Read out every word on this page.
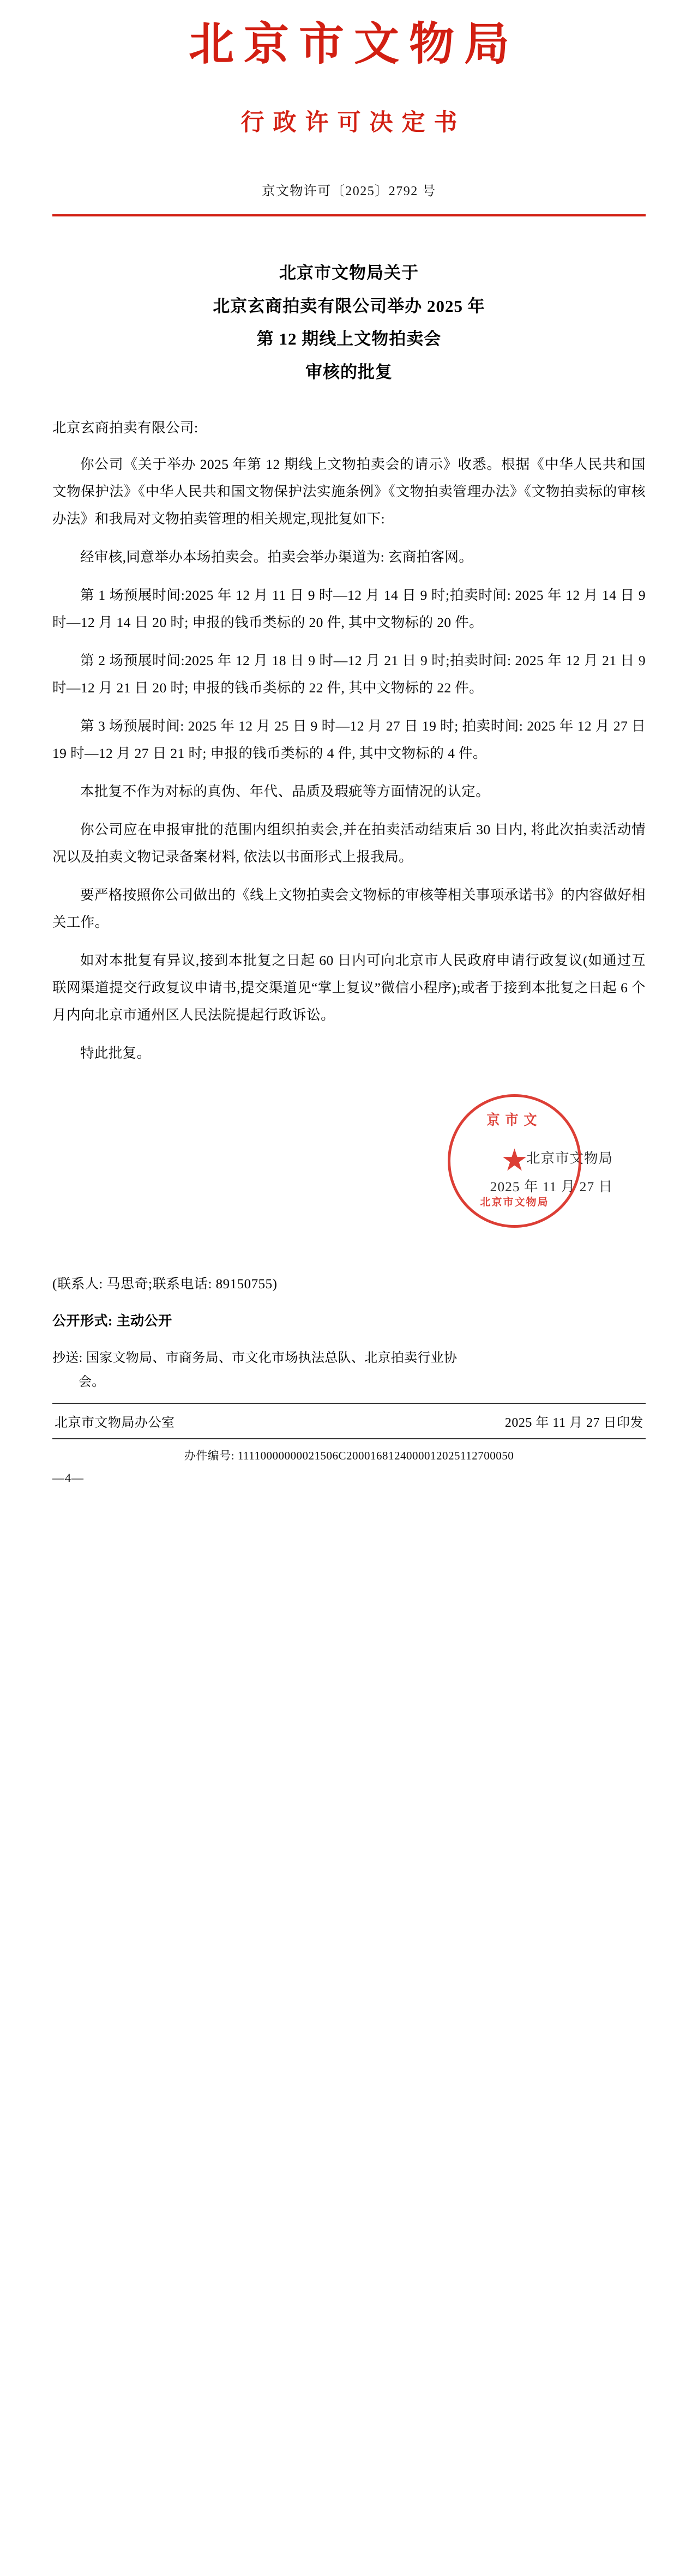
北京市文物局
行政许可决定书
京文物许可〔2025〕2792 号
北京市文物局关于
北京玄商拍卖有限公司举办 2025 年
第 12 期线上文物拍卖会
审核的批复
北京玄商拍卖有限公司:

你公司《关于举办 2025 年第 12 期线上文物拍卖会的请示》收悉。根据《中华人民共和国文物保护法》《中华人民共和国文物保护法实施条例》《文物拍卖管理办法》《文物拍卖标的审核办法》和我局对文物拍卖管理的相关规定,现批复如下:

经审核,同意举办本场拍卖会。拍卖会举办渠道为: 玄商拍客网。

第 1 场预展时间:2025 年 12 月 11 日 9 时—12 月 14 日 9 时;拍卖时间: 2025 年 12 月 14 日 9 时—12 月 14 日 20 时; 申报的钱币类标的 20 件, 其中文物标的 20 件。

第 2 场预展时间:2025 年 12 月 18 日 9 时—12 月 21 日 9 时;拍卖时间: 2025 年 12 月 21 日 9 时—12 月 21 日 20 时; 申报的钱币类标的 22 件, 其中文物标的 22 件。

第 3 场预展时间: 2025 年 12 月 25 日 9 时—12 月 27 日 19 时; 拍卖时间: 2025 年 12 月 27 日 19 时—12 月 27 日 21 时; 申报的钱币类标的 4 件, 其中文物标的 4 件。

本批复不作为对标的真伪、年代、品质及瑕疵等方面情况的认定。

你公司应在申报审批的范围内组织拍卖会,并在拍卖活动结束后 30 日内, 将此次拍卖活动情况以及拍卖文物记录备案材料, 依法以书面形式上报我局。

要严格按照你公司做出的《线上文物拍卖会文物标的审核等相关事项承诺书》的内容做好相关工作。

如对本批复有异议,接到本批复之日起 60 日内可向北京市人民政府申请行政复议(如通过互联网渠道提交行政复议申请书,提交渠道见“掌上复议”微信小程序);或者于接到本批复之日起 6 个月内向北京市通州区人民法院提起行政诉讼。

特此批复。

北京市文物局
2025 年 11 月 27 日
京市文
★
北京市文物局
(联系人: 马思奇;联系电话: 89150755)
公开形式: 主动公开
抄送: 国家文物局、市商务局、市文化市场执法总队、北京拍卖行业协
会。
北京市文物局办公室	2025 年 11 月 27 日印发
办件编号: 11110000000021506C2000168124000012025112700050
—4—
